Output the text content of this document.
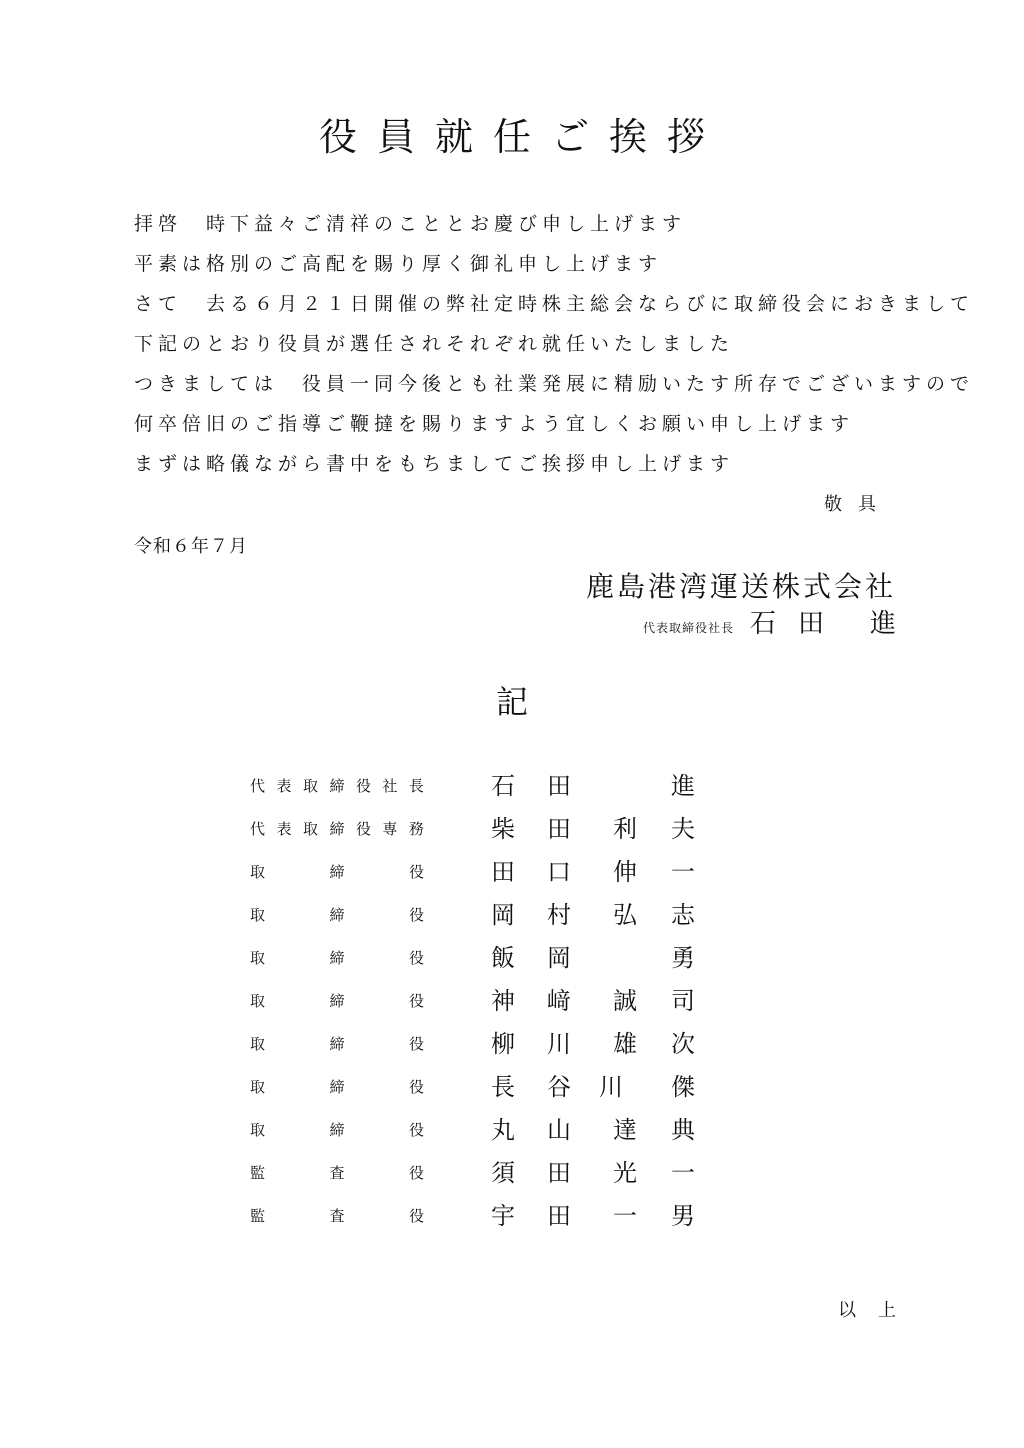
役員就任ご挨拶
拝啓　時下益々ご清祥のこととお慶び申し上げます
平素は格別のご高配を賜り厚く御礼申し上げます
さて　去る６月２１日開催の弊社定時株主総会ならびに取締役会におきまして
下記のとおり役員が選任されそれぞれ就任いたしました
つきましては　役員一同今後とも社業発展に精励いたす所存でございますので
何卒倍旧のご指導ご鞭撻を賜りますよう宜しくお願い申し上げます
まずは略儀ながら書中をもちましてご挨拶申し上げます
敬具
令和６年７月
鹿島港湾運送株式会社
代表取締役社長 石田 進
記
代 表 取 締 役 社 長	石 田	進
代 表 取 締 役 専 務	柴 田 利 夫
取	締	役	田 口 伸 一
取	締	役	岡 村 弘 志
取	締	役	飯 岡	勇
取	締	役	神 﨑 誠 司
取	締	役	柳 川 雄 次
取	締	役	長 谷 川 傑
取	締	役	丸 山 達 典
監	査	役	須 田 光 一
監	査	役	宇 田 一 男
以上
